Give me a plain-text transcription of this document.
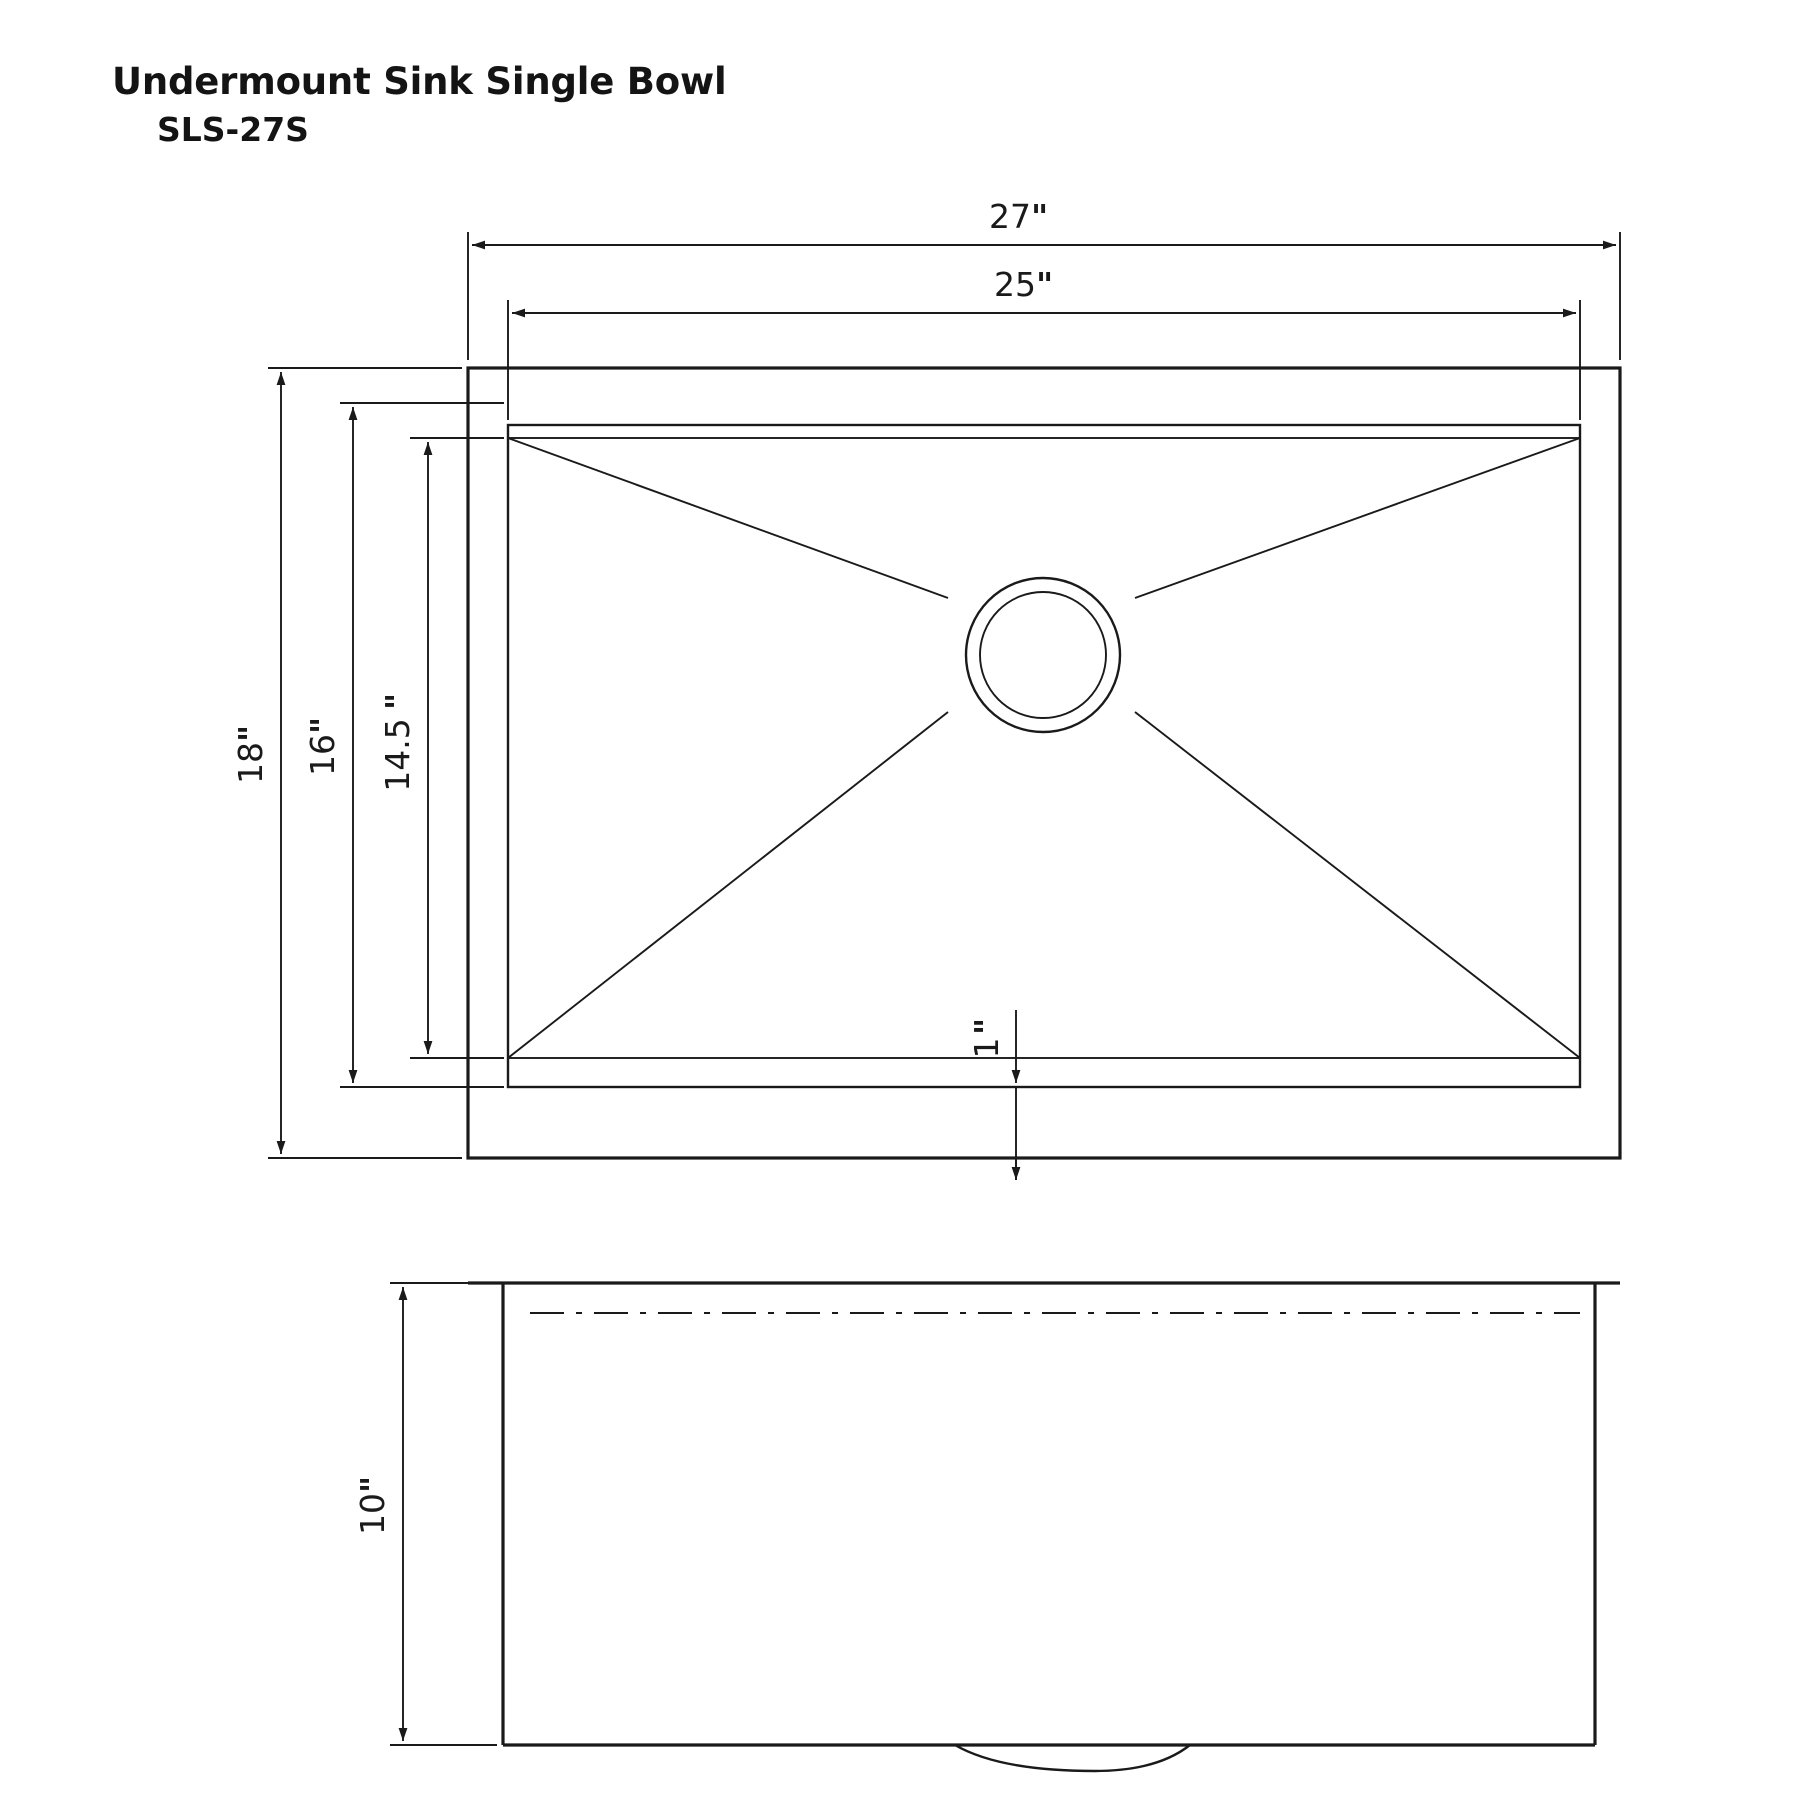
Undermount Sink Single Bowl
SLS-27S
27 "
25 "
18
"
16
" 14.5
"
1
"
10
"
